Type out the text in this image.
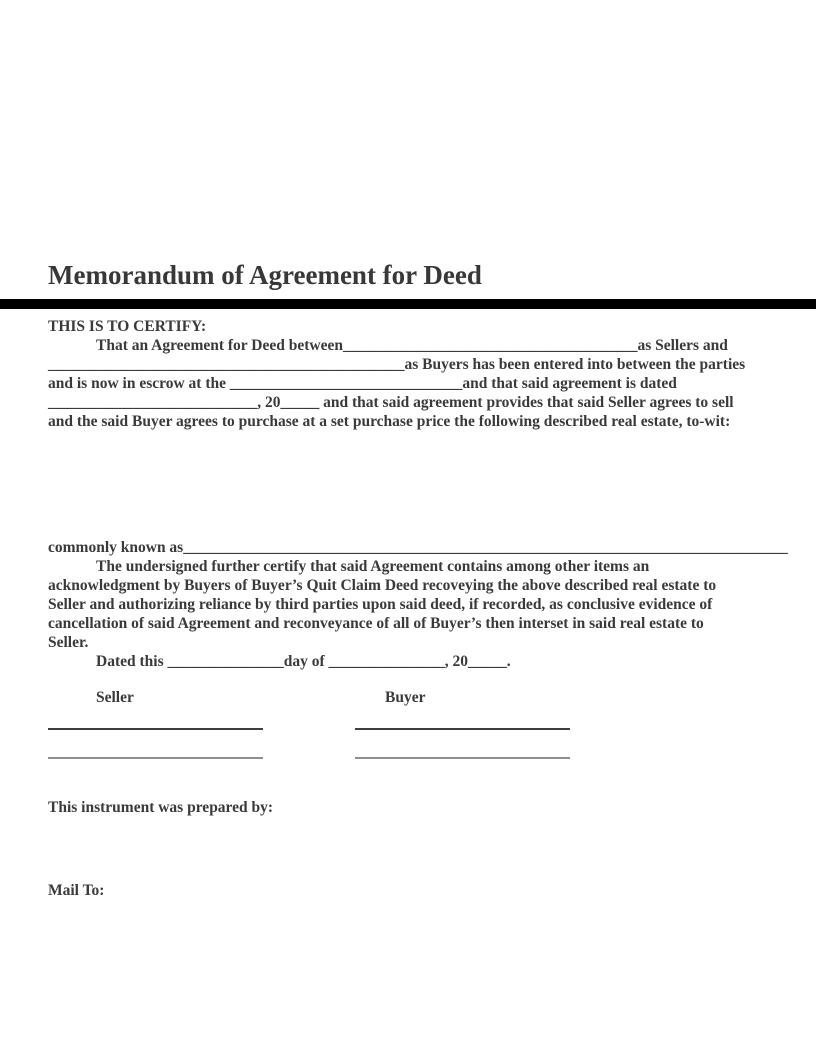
Memorandum of Agreement for Deed
THIS IS TO CERTIFY:
That an Agreement for Deed between______________________________________as Sellers and
______________________________________________as Buyers has been entered into between the parties
and is now in escrow at the ______________________________and that said agreement is dated
___________________________, 20_____ and that said agreement provides that said Seller agrees to sell
and the said Buyer agrees to purchase at a set purchase price the following described real estate, to-wit:
commonly known as______________________________________________________________________________
The undersigned further certify that said Agreement contains among other items an
acknowledgment by Buyers of Buyer’s Quit Claim Deed recoveying the above described real estate to
Seller and authorizing reliance by third parties upon said deed, if recorded, as conclusive evidence of
cancellation of said Agreement and reconveyance of all of Buyer’s then interset in said real estate to
Seller.
Dated this _______________day of _______________, 20_____.
Seller	Buyer
This instrument was prepared by:
Mail To:
